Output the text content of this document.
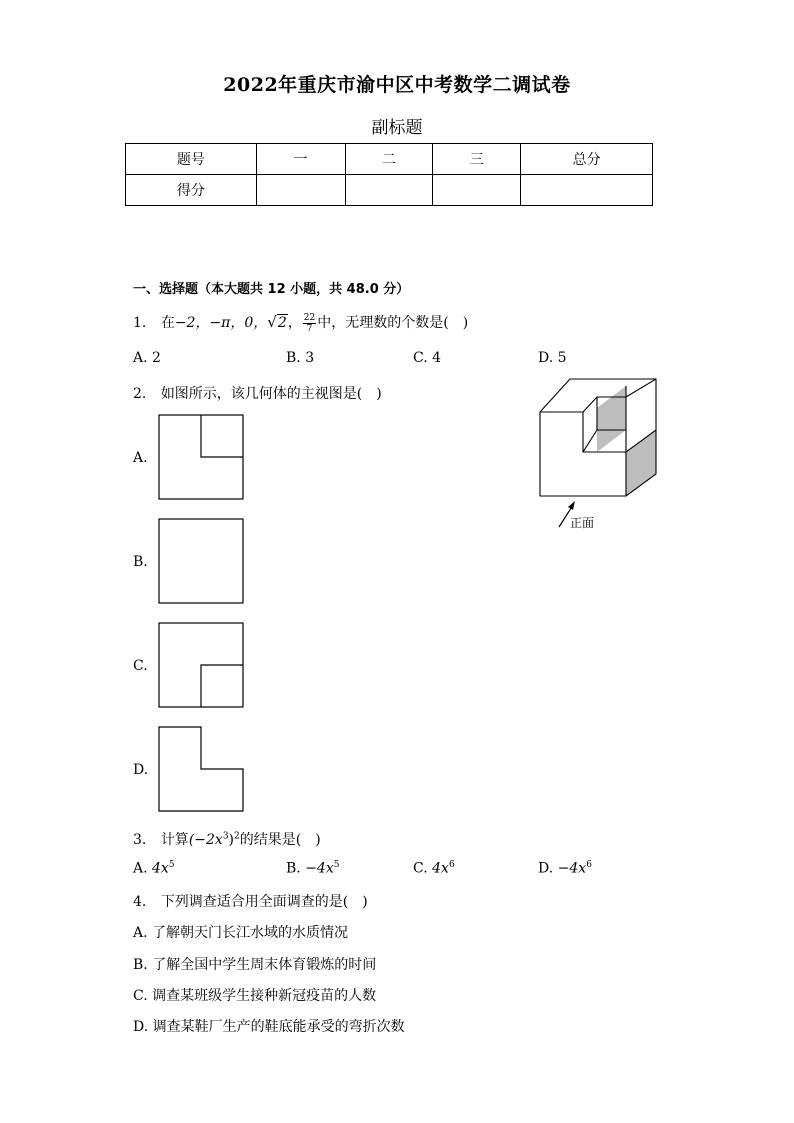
2022年重庆市渝中区中考数学二调试卷
副标题
题号	一	二	三	总分
得分				
一、选择题（本大题共 12 小题，共 48.0 分）
1. 在−2，−π，0，√2， $\frac{22}{7}$ 中，无理数的个数是(　)
A. 2	B. 3	C. 4	D. 5
2. 如图所示，该几何体的主视图是(　)
A.
B.
C.
D.
正面
3. 计算$(-2x^3)^2$的结果是(　)
A. $4x^5$	B. $-4x^5$	C. $4x^6$	D. $-4x^6$
4. 下列调查适合用全面调查的是(　)
A. 了解朝天门长江水域的水质情况
B. 了解全国中学生周末体育锻炼的时间
C. 调查某班级学生接种新冠疫苗的人数
D. 调查某鞋厂生产的鞋底能承受的弯折次数
